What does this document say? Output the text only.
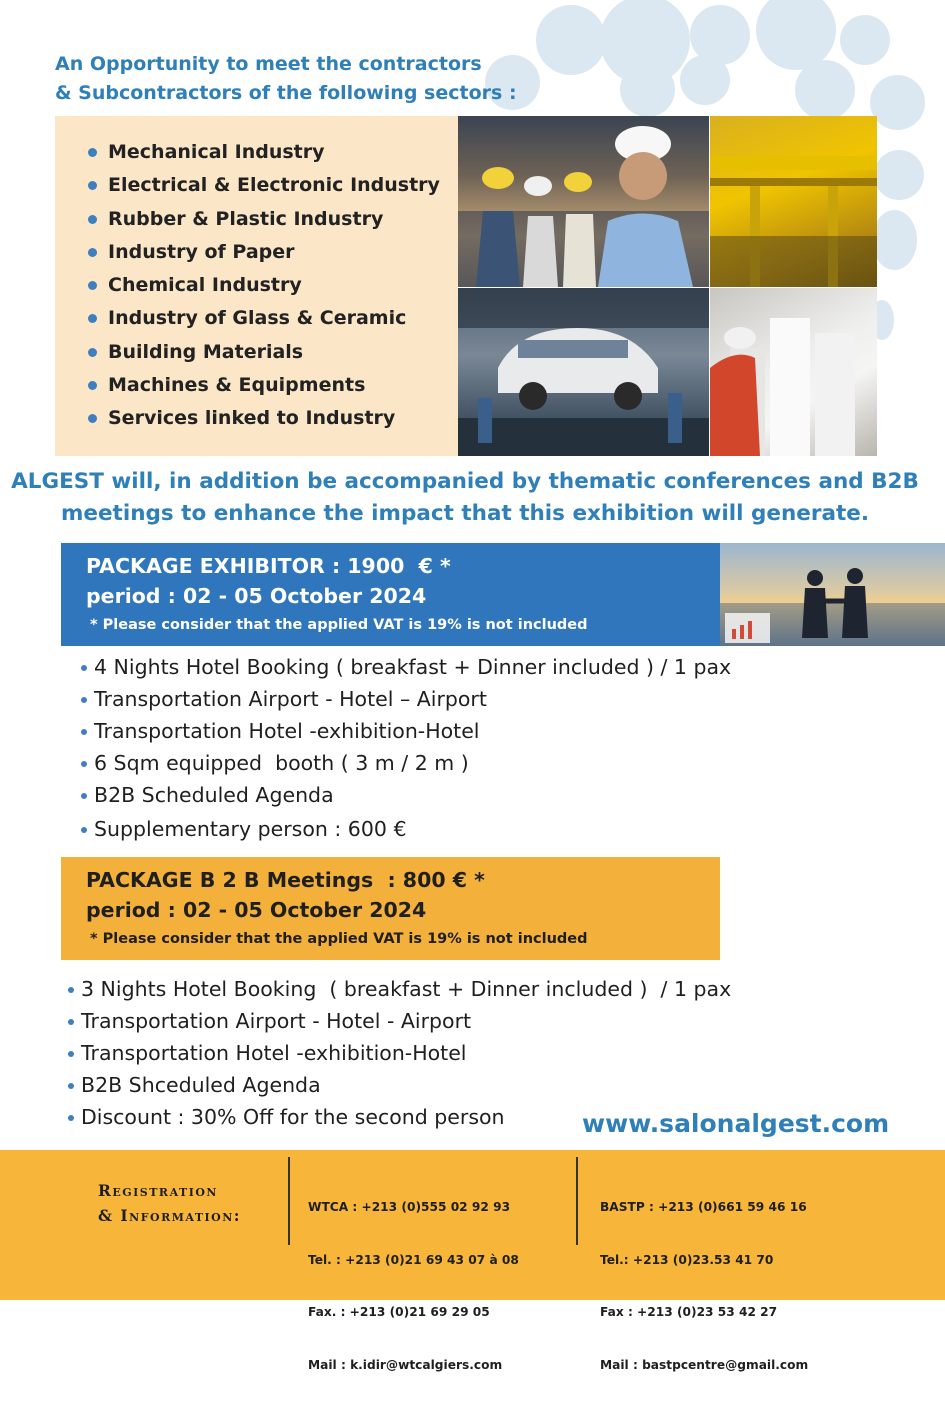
An Opportunity to meet the contractors
& Subcontractors of the following sectors :
Mechanical Industry
Electrical & Electronic Industry
Rubber & Plastic Industry
Industry of Paper
Chemical Industry
Industry of Glass & Ceramic
Building Materials
Machines & Equipments
Services linked to Industry
ALGEST will, in addition be accompanied by thematic conferences and B2B
meetings to enhance the impact that this exhibition will generate.
PACKAGE EXHIBITOR : 1900  € *
period : 02 - 05 October 2024
* Please consider that the applied VAT is 19% is not included
4 Nights Hotel Booking ( breakfast + Dinner included ) / 1 pax
Transportation Airport - Hotel – Airport
Transportation Hotel -exhibition-Hotel
6 Sqm equipped  booth ( 3 m / 2 m )
B2B Scheduled Agenda
Supplementary person : 600 €
PACKAGE B 2 B Meetings  : 800 € *
period : 02 - 05 October 2024
* Please consider that the applied VAT is 19% is not included
3 Nights Hotel Booking  ( breakfast + Dinner included )  / 1 pax
Transportation Airport - Hotel - Airport
Transportation Hotel -exhibition-Hotel
B2B Shceduled Agenda
Discount : 30% Off for the second person	www.salonalgest.com
Registration
& Information:

	WTCA : +213 (0)555 02 92 93

Tel. : +213 (0)21 69 43 07 à 08

Fax. : +213 (0)21 69 29 05

Mail : k.idir@wtcalgiers.com

BASTP : +213 (0)661 59 46 16

Tel.: +213 (0)23.53 41 70

Fax : +213 (0)23 53 42 27

Mail : bastpcentre@gmail.com
